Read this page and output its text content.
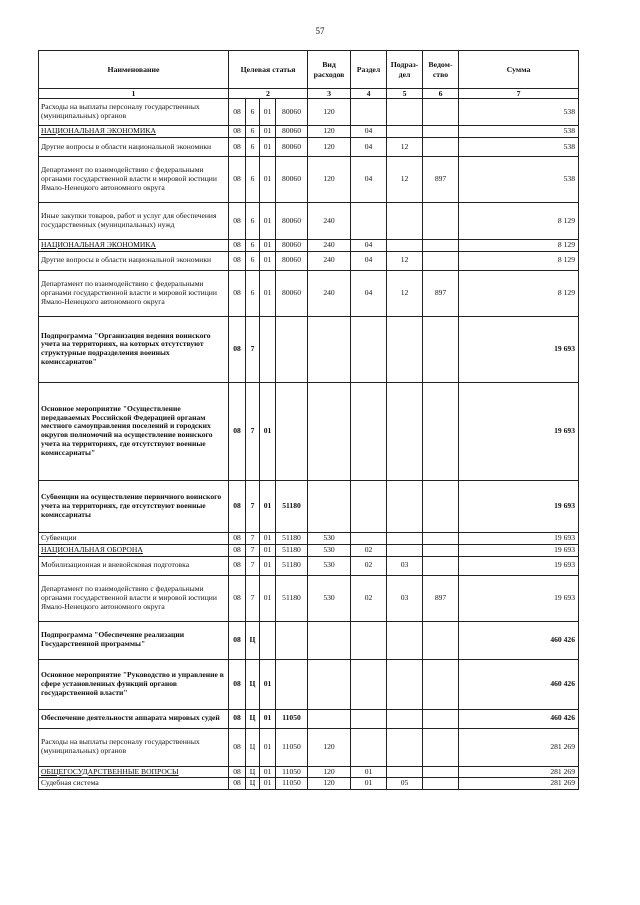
57
Наименование	Целевая статья				Вид расходов	Раздел	Подраз-дел	Ведом-ство	Сумма
1	2				3	4	5	6	7
Расходы на выплаты персоналу государственных (муниципальных) органов	08	6	01	80060	120				538
НАЦИОНАЛЬНАЯ ЭКОНОМИКА	08	6	01	80060	120	04			538
Другие вопросы в области национальной экономики	08	6	01	80060	120	04	12		538
Департамент по взаимодействию с федеральными органами государственной власти и мировой юстиции Ямало-Ненецкого автономного округа	08	6	01	80060	120	04	12	897	538
Иные закупки товаров, работ и услуг для обеспечения государственных (муниципальных) нужд	08	6	01	80060	240				8 129
НАЦИОНАЛЬНАЯ ЭКОНОМИКА	08	6	01	80060	240	04			8 129
Другие вопросы в области национальной экономики	08	6	01	80060	240	04	12		8 129
Департамент по взаимодействию с федеральными органами государственной власти и мировой юстиции Ямало-Ненецкого автономного округа	08	6	01	80060	240	04	12	897	8 129
Подпрограмма "Организация ведения воинского учета на территориях, на которых отсутствуют структурные подразделения военных комиссариатов"	08	7							19 693
Основное мероприятие "Осуществление передаваемых Российской Федерацией органам местного самоуправления поселений и городских округов полномочий на осуществление воинского учета на территориях, где отсутствуют военные комиссариаты"	08	7	01						19 693
Субвенции на осуществление первичного воинского учета на территориях, где отсутствуют военные комиссариаты	08	7	01	51180					19 693
Субвенции	08	7	01	51180	530				19 693
НАЦИОНАЛЬНАЯ ОБОРОНА	08	7	01	51180	530	02			19 693
Мобилизационная и вневойсковая подготовка	08	7	01	51180	530	02	03		19 693
Департамент по взаимодействию с федеральными органами государственной власти и мировой юстиции Ямало-Ненецкого автономного округа	08	7	01	51180	530	02	03	897	19 693
Подпрограмма "Обеспечение реализации Государственной программы"	08	Ц							460 426
Основное мероприятие "Руководство и управление в сфере установленных функций органов государственной власти"	08	Ц	01						460 426
Обеспечение деятельности аппарата мировых судей	08	Ц	01	11050					460 426
Расходы на выплаты персоналу государственных (муниципальных) органов	08	Ц	01	11050	120				281 269
ОБЩЕГОСУДАРСТВЕННЫЕ ВОПРОСЫ	08	Ц	01	11050	120	01			281 269
Судебная система	08	Ц	01	11050	120	01	05		281 269
